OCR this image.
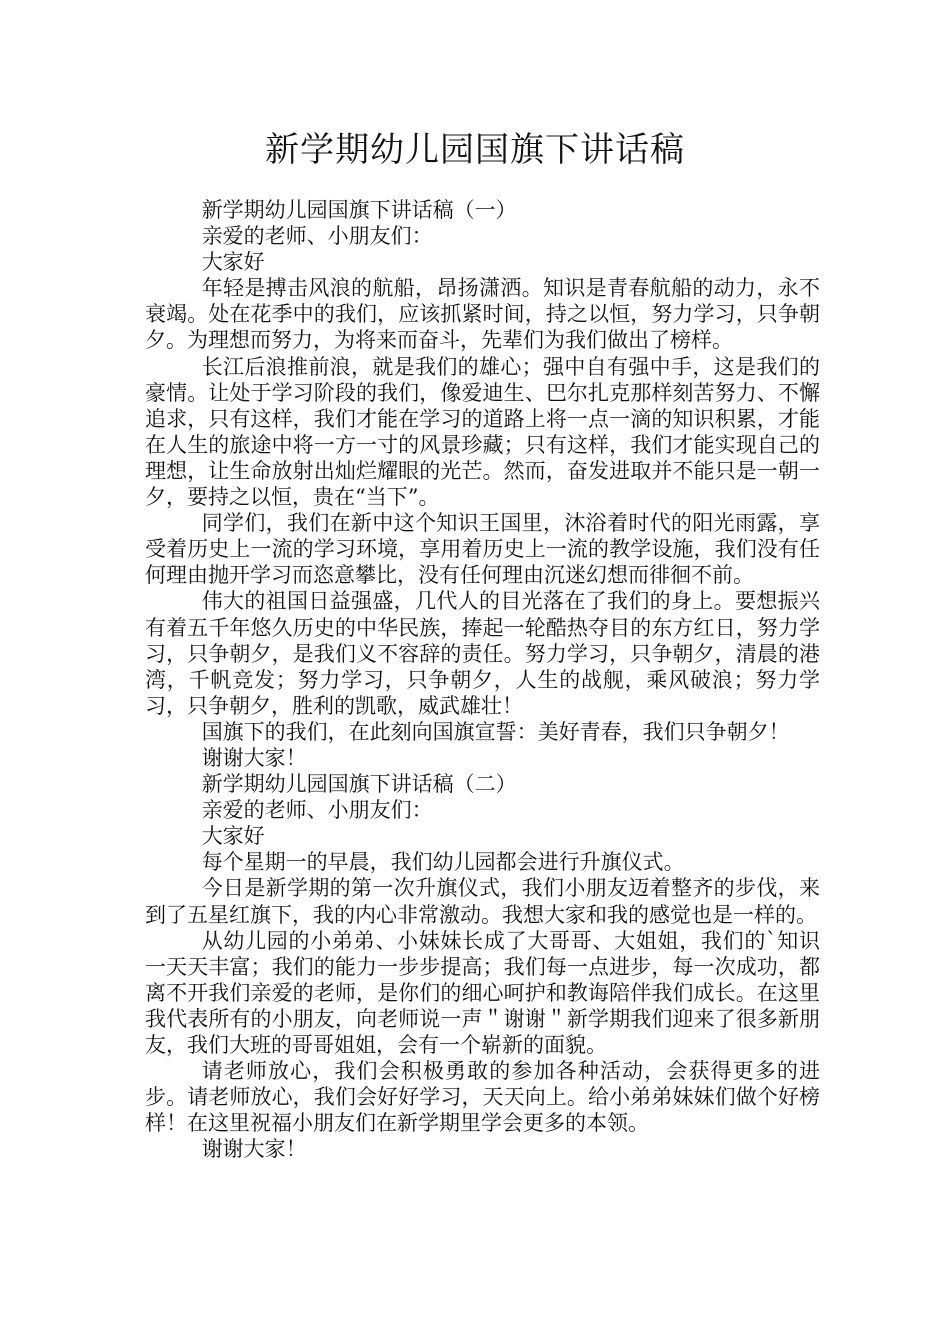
新学期幼儿园国旗下讲话稿

新学期幼儿园国旗下讲话稿（一）

亲爱的老师、小朋友们：

大家好

年轻是搏击风浪的航船，昂扬潇洒。知识是青春航船的动力，永不衰竭。处在花季中的我们，应该抓紧时间，持之以恒，努力学习，只争朝夕。为理想而努力，为将来而奋斗，先辈们为我们做出了榜样。

长江后浪推前浪，就是我们的雄心；强中自有强中手，这是我们的豪情。让处于学习阶段的我们，像爱迪生、巴尔扎克那样刻苦努力、不懈追求，只有这样，我们才能在学习的道路上将一点一滴的知识积累，才能在人生的旅途中将一方一寸的风景珍藏；只有这样，我们才能实现自己的理想，让生命放射出灿烂耀眼的光芒。然而，奋发进取并不能只是一朝一夕，要持之以恒，贵在“当下”。

同学们，我们在新中这个知识王国里，沐浴着时代的阳光雨露，享受着历史上一流的学习环境，享用着历史上一流的教学设施，我们没有任何理由抛开学习而恣意攀比，没有任何理由沉迷幻想而徘徊不前。

伟大的祖国日益强盛，几代人的目光落在了我们的身上。要想振兴有着五千年悠久历史的中华民族，捧起一轮酷热夺目的东方红日，努力学习，只争朝夕，是我们义不容辞的责任。努力学习，只争朝夕，清晨的港湾，千帆竞发；努力学习，只争朝夕，人生的战舰，乘风破浪；努力学习，只争朝夕，胜利的凯歌，威武雄壮！

国旗下的我们，在此刻向国旗宣誓：美好青春，我们只争朝夕！

谢谢大家！

新学期幼儿园国旗下讲话稿（二）

亲爱的老师、小朋友们：

大家好

每个星期一的早晨，我们幼儿园都会进行升旗仪式。

今日是新学期的第一次升旗仪式，我们小朋友迈着整齐的步伐，来到了五星红旗下，我的内心非常激动。我想大家和我的感觉也是一样的。

从幼儿园的小弟弟、小妹妹长成了大哥哥、大姐姐，我们的`知识一天天丰富；我们的能力一步步提高；我们每一点进步，每一次成功，都离不开我们亲爱的老师，是你们的细心呵护和教诲陪伴我们成长。在这里我代表所有的小朋友，向老师说一声＂谢谢＂新学期我们迎来了很多新朋友，我们大班的哥哥姐姐，会有一个崭新的面貌。

请老师放心，我们会积极勇敢的参加各种活动，会获得更多的进步。请老师放心，我们会好好学习，天天向上。给小弟弟妹妹们做个好榜样！在这里祝福小朋友们在新学期里学会更多的本领。

谢谢大家！
